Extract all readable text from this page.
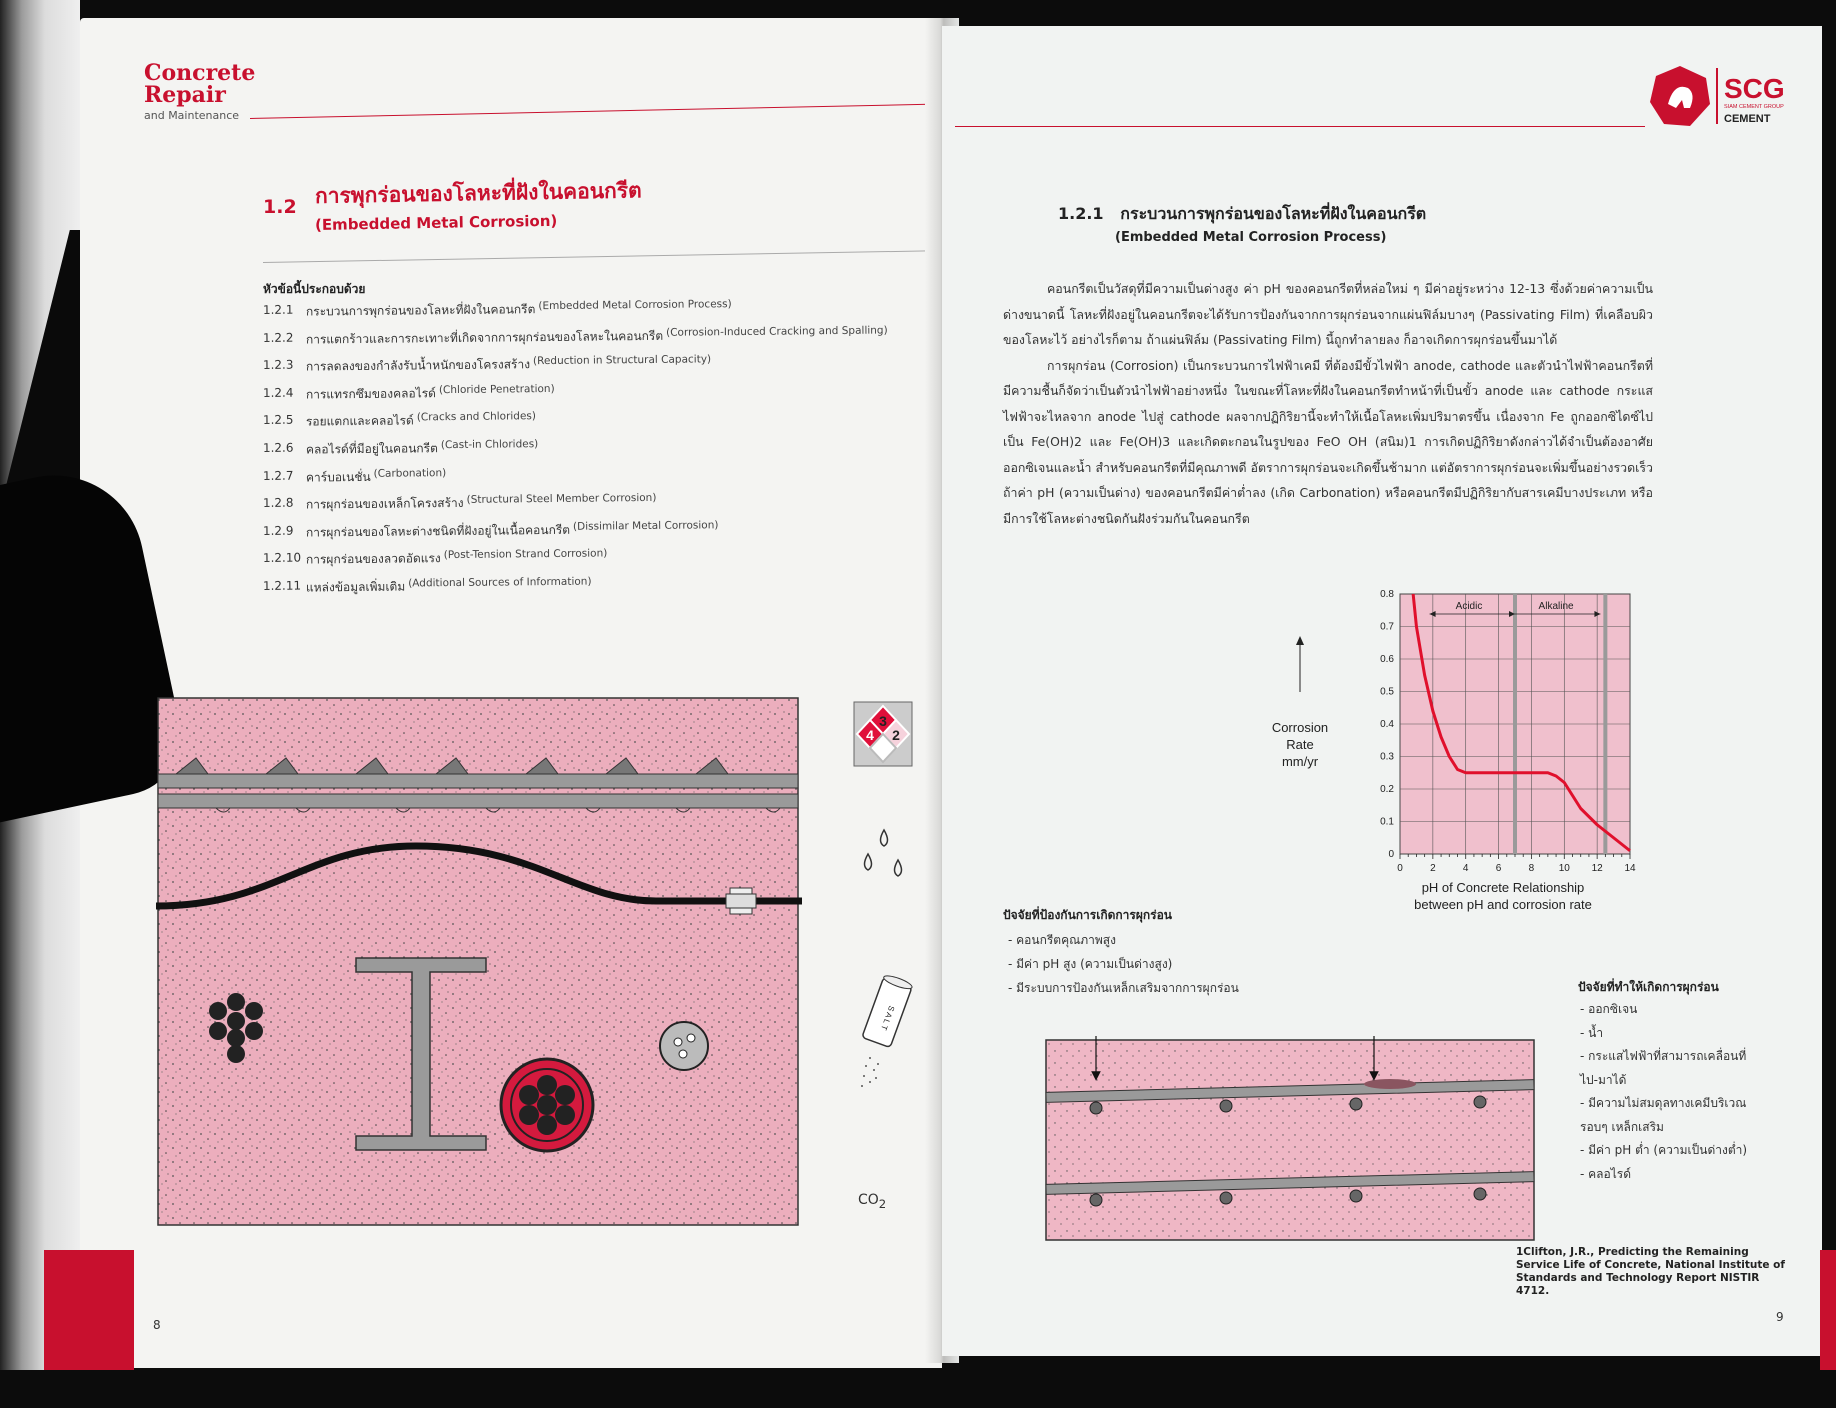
Concrete
Repair
and Maintenance
1.2 การพุกร่อนของโลหะที่ฝังในคอนกรีต
(Embedded Metal Corrosion)
หัวข้อนี้ประกอบด้วย
1.2.1	กระบวนการพุกร่อนของโลหะที่ฝังในคอนกรีต (Embedded Metal Corrosion Process)
1.2.2	การแตกร้าวและการกะเทาะที่เกิดจากการผุกร่อนของโลหะในคอนกรีต (Corrosion-Induced Cracking and Spalling)
1.2.3	การลดลงของกำลังรับน้ำหนักของโครงสร้าง (Reduction in Structural Capacity)
1.2.4	การแทรกซึมของคลอไรด์ (Chloride Penetration)
1.2.5	รอยแตกและคลอไรด์ (Cracks and Chlorides)
1.2.6	คลอไรด์ที่มีอยู่ในคอนกรีต (Cast-in Chlorides)
1.2.7	คาร์บอเนชั่น (Carbonation)
1.2.8	การผุกร่อนของเหล็กโครงสร้าง (Structural Steel Member Corrosion)
1.2.9	การผุกร่อนของโลหะต่างชนิดที่ฝังอยู่ในเนื้อคอนกรีต (Dissimilar Metal Corrosion)
1.2.10 การผุกร่อนของลวดอัดแรง (Post-Tension Strand Corrosion)
1.2.11 แหล่งข้อมูลเพิ่มเติม (Additional Sources of Information)
3
4 2
S A L T
$CO_2$
8
SCG
SIAM CEMENT GROUP
CEMENT
1.2.1 กระบวนการพุกร่อนของโลหะที่ฝังในคอนกรีต
(Embedded Metal Corrosion Process)

คอนกรีตเป็นวัสดุที่มีความเป็นด่างสูง ค่า pH ของคอนกรีตที่หล่อใหม่ ๆ มีค่าอยู่ระหว่าง 12-13 ซึ่งด้วยค่าความเป็นด่างขนาดนี้ โลหะที่ฝังอยู่ในคอนกรีตจะได้รับการป้องกันจากการผุกร่อนจากแผ่นฟิล์มบางๆ (Passivating Film) ที่เคลือบผิวของโลหะไว้ อย่างไรก็ตาม ถ้าแผ่นฟิล์ม (Passivating Film) นี้ถูกทำลายลง ก็อาจเกิดการผุกร่อนขึ้นมาได้

การผุกร่อน (Corrosion) เป็นกระบวนการไฟฟ้าเคมี ที่ต้องมีขั้วไฟฟ้า anode, cathode และตัวนำไฟฟ้าคอนกรีตที่มีความชื้นก็จัดว่าเป็นตัวนำไฟฟ้าอย่างหนึ่ง ในขณะที่โลหะที่ฝังในคอนกรีตทำหน้าที่เป็นขั้ว anode และ cathode กระแสไฟฟ้าจะไหลจาก anode ไปสู่ cathode ผลจากปฏิกิริยานี้จะทำให้เนื้อโลหะเพิ่มปริมาตรขึ้น เนื่องจาก Fe ถูกออกซิไดซ์ไปเป็น Fe(OH)2 และ Fe(OH)3 และเกิดตะกอนในรูปของ FeO OH (สนิม)1 การเกิดปฏิกิริยาดังกล่าวได้จำเป็นต้องอาศัยออกซิเจนและน้ำ สำหรับคอนกรีตที่มีคุณภาพดี อัตราการผุกร่อนจะเกิดขึ้นช้ามาก แต่อัตราการผุกร่อนจะเพิ่มขึ้นอย่างรวดเร็วถ้าค่า pH (ความเป็นด่าง) ของคอนกรีตมีค่าต่ำลง (เกิด Carbonation) หรือคอนกรีตมีปฏิกิริยากับสารเคมีบางประเภท หรือมีการใช้โลหะต่างชนิดกันฝังร่วมกันในคอนกรีต

0	2	4	6	8 10 12 14
0
0.1
0.2
0.3
0.4
0.5
0.6
0.7
0.8
Acidic	Alkaline
Corrosion
Rate
mm/yr
pH of Concrete Relationship
between pH and corrosion rate
ปัจจัยที่ป้องกันการเกิดการผุกร่อน
- คอนกรีตคุณภาพสูง
- มีค่า pH สูง (ความเป็นด่างสูง)
- มีระบบการป้องกันเหล็กเสริมจากการผุกร่อน	ปัจจัยที่ทำให้เกิดการผุกร่อน
- ออกซิเจน
- น้ำ
- กระแสไฟฟ้าที่สามารถเคลื่อนที่ไป-มาได้
- มีความไม่สมดุลทางเคมีบริเวณรอบๆ เหล็กเสริม
- มีค่า pH ต่ำ (ความเป็นด่างต่ำ)
- คลอไรด์
1Clifton, J.R., Predicting the Remaining Service Life of Concrete, National Institute of Standards and Technology Report NISTIR 4712.
9
